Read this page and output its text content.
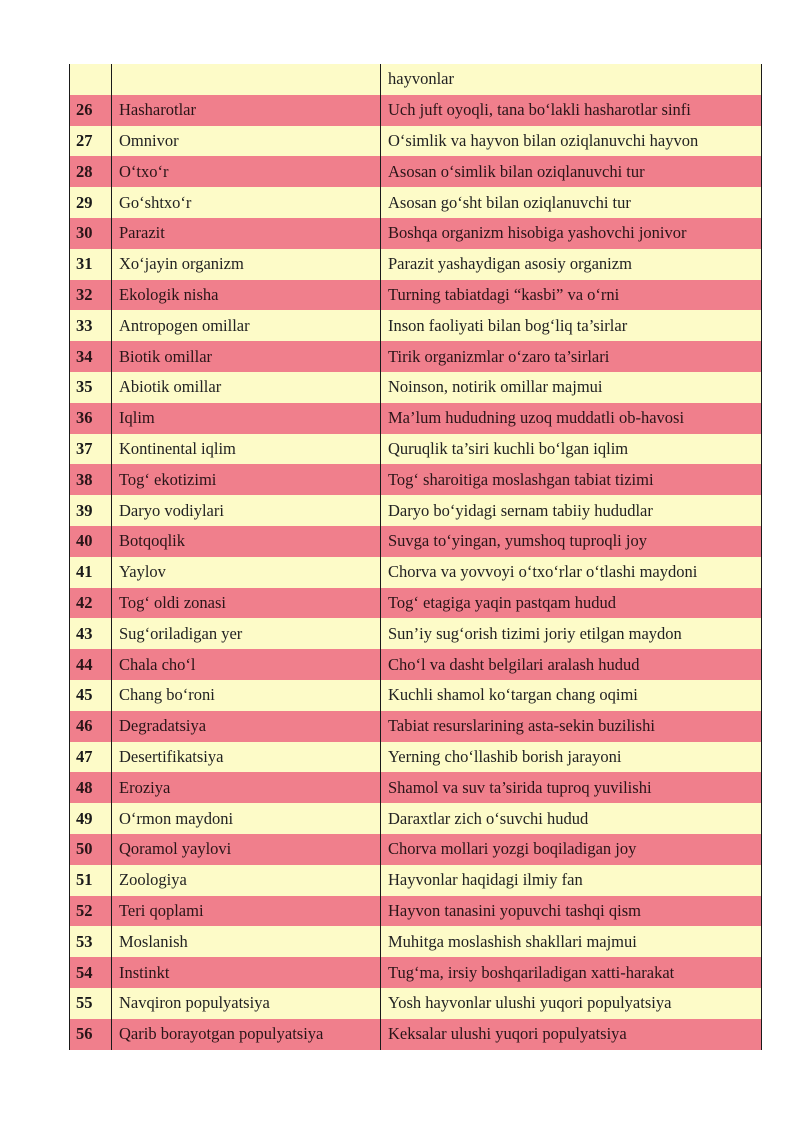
		hayvonlar
26	Hasharotlar	Uch juft oyoqli, tana bo‘lakli hasharotlar sinfi
27	Omnivor	O‘simlik va hayvon bilan oziqlanuvchi hayvon
28	O‘txo‘r	Asosan o‘simlik bilan oziqlanuvchi tur
29	Go‘shtxo‘r	Asosan go‘sht bilan oziqlanuvchi tur
30	Parazit	Boshqa organizm hisobiga yashovchi jonivor
31	Xo‘jayin organizm	Parazit yashaydigan asosiy organizm
32	Ekologik nisha	Turning tabiatdagi “kasbi” va o‘rni
33	Antropogen omillar	Inson faoliyati bilan bog‘liq ta’sirlar
34	Biotik omillar	Tirik organizmlar o‘zaro ta’sirlari
35	Abiotik omillar	Noinson, notirik omillar majmui
36	Iqlim	Ma’lum hududning uzoq muddatli ob-havosi
37	Kontinental iqlim	Quruqlik ta’siri kuchli bo‘lgan iqlim
38	Tog‘ ekotizimi	Tog‘ sharoitiga moslashgan tabiat tizimi
39	Daryo vodiylari	Daryo bo‘yidagi sernam tabiiy hududlar
40	Botqoqlik	Suvga to‘yingan, yumshoq tuproqli joy
41	Yaylov	Chorva va yovvoyi o‘txo‘rlar o‘tlashi maydoni
42	Tog‘ oldi zonasi	Tog‘ etagiga yaqin pastqam hudud
43	Sug‘oriladigan yer	Sun’iy sug‘orish tizimi joriy etilgan maydon
44	Chala cho‘l	Cho‘l va dasht belgilari aralash hudud
45	Chang bo‘roni	Kuchli shamol ko‘targan chang oqimi
46	Degradatsiya	Tabiat resurslarining asta-sekin buzilishi
47	Desertifikatsiya	Yerning cho‘llashib borish jarayoni
48	Eroziya	Shamol va suv ta’sirida tuproq yuvilishi
49	O‘rmon maydoni	Daraxtlar zich o‘suvchi hudud
50	Qoramol yaylovi	Chorva mollari yozgi boqiladigan joy
51	Zoologiya	Hayvonlar haqidagi ilmiy fan
52	Teri qoplami	Hayvon tanasini yopuvchi tashqi qism
53	Moslanish	Muhitga moslashish shakllari majmui
54	Instinkt	Tug‘ma, irsiy boshqariladigan xatti-harakat
55	Navqiron populyatsiya	Yosh hayvonlar ulushi yuqori populyatsiya
56	Qarib borayotgan populyatsiya	Keksalar ulushi yuqori populyatsiya
